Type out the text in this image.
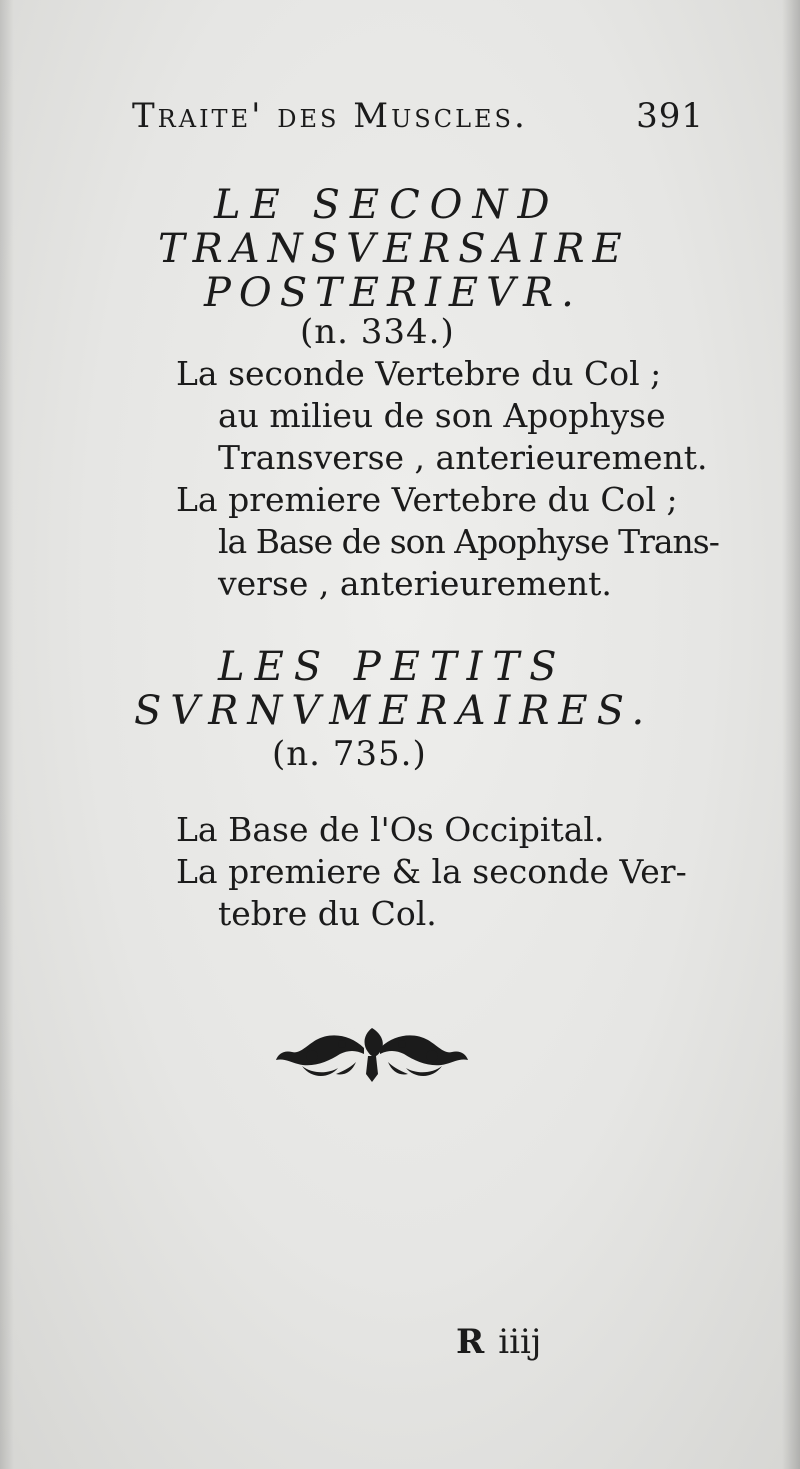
Traite' des Muscles.	391
LE SECOND
TRANSVERSAIRE
POSTERIEVR.
(n. 334.)
La seconde Vertebre du Col ;
au milieu de son Apophyse
Transverse , anterieurement.
La premiere Vertebre du Col ;
la Base de son Apophyse Trans-
verse , anterieurement.
LES PETITS
SVRNVMERAIRES.
(n. 735.)
La Base de l'Os Occipital.
La premiere & la seconde Ver-
tebre du Col.
R iiij
